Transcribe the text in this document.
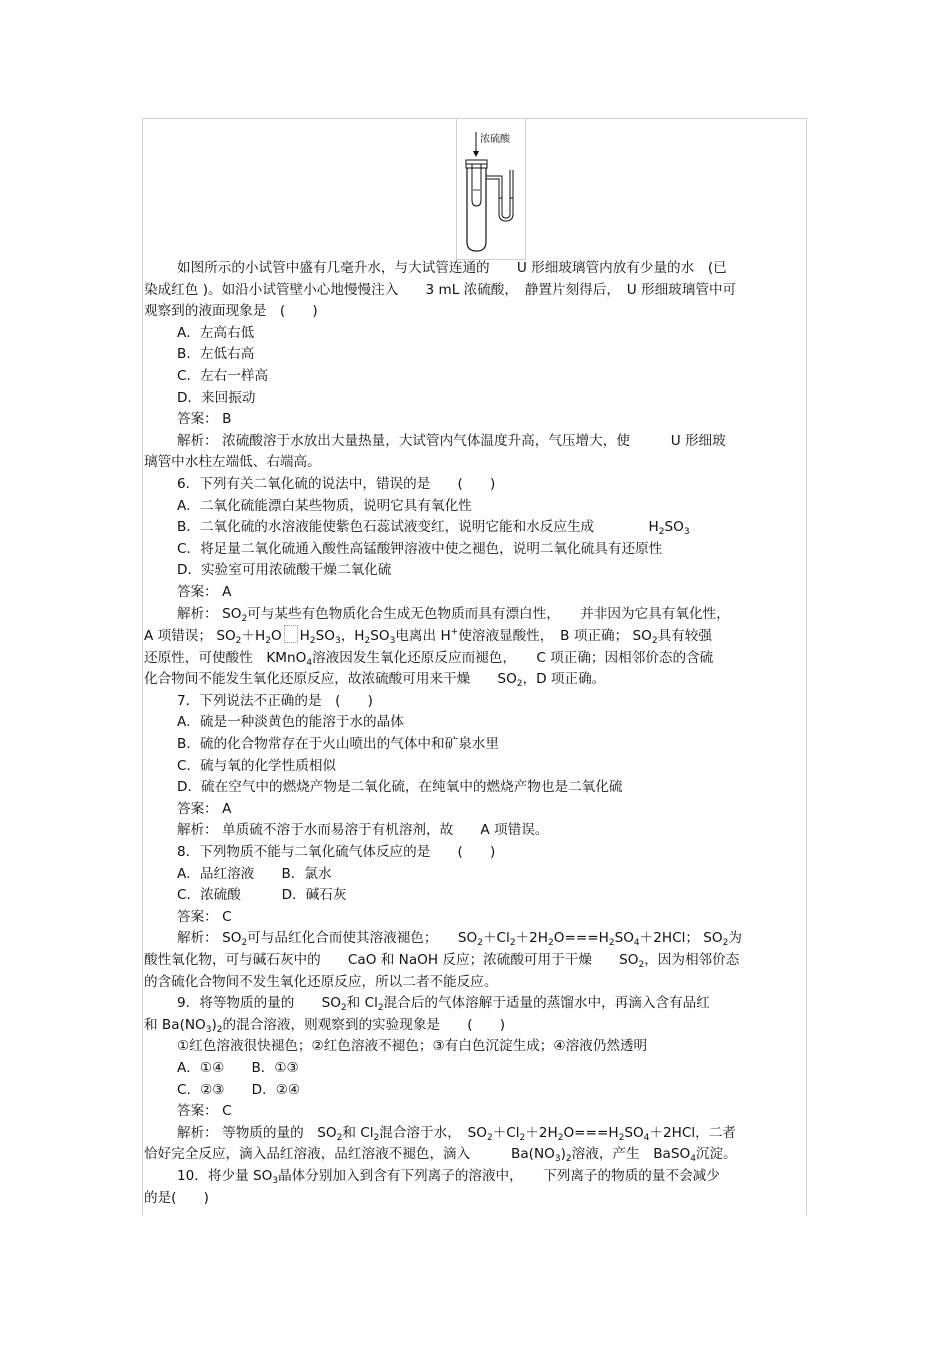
浓硫酸

如图所示的小试管中盛有几毫升水，与大试管连通的　　U 形细玻璃管内放有少量的水　(已

染成红色 )。如沿小试管壁小心地慢慢注入　　3 mL 浓硫酸，　静置片刻得后，　U 形细玻璃管中可

观察到的液面现象是　(　　)

A．左高右低

B．左低右高

C．左右一样高

D．来回振动

答案： B

解析： 浓硫酸溶于水放出大量热量，大试管内气体温度升高，气压增大，使　　　U 形细玻

璃管中水柱左端低、右端高。

6．下列有关二氧化硫的说法中，错误的是　　(　　)

A．二氧化硫能漂白某些物质，说明它具有氧化性

B．二氧化硫的水溶液能使紫色石蕊试液变红，说明它能和水反应生成　　　　$H_2SO_3$

C．将足量二氧化硫通入酸性高锰酸钾溶液中使之褪色，说明二氧化硫具有还原性

D．实验室可用浓硫酸干燥二氧化硫

答案： A

解析： $SO_2$可与某些有色物质化合生成无色物质而具有漂白性，　　并非因为它具有氧化性，

A 项错误； $SO_2+H_2O$ $H_2SO_3$，$H_2SO_3$电离出 H+使溶液显酸性，　B 项正确； $SO_2$具有较强

还原性，可使酸性　KMnO$_4$溶液因发生氧化还原反应而褪色，　　C 项正确；因相邻价态的含硫

化合物间不能发生氧化还原反应，故浓硫酸可用来干燥　　$SO_2$，D 项正确。

7．下列说法不正确的是　(　　)

A．硫是一种淡黄色的能溶于水的晶体

B．硫的化合物常存在于火山喷出的气体中和矿泉水里

C．硫与氧的化学性质相似

D．硫在空气中的燃烧产物是二氧化硫，在纯氧中的燃烧产物也是二氧化硫

答案： A

解析： 单质硫不溶于水而易溶于有机溶剂，故　　A 项错误。

8．下列物质不能与二氧化硫气体反应的是　　(　　)

A．品红溶液　　B．氯水

C．浓硫酸　　　D．碱石灰

答案： C

解析： $SO_2$可与品红化合而使其溶液褪色；　　$SO_2+Cl_2+2H_2O===H_2SO_4+2HCl$； $SO_2$为

酸性氧化物，可与碱石灰中的　　CaO 和 NaOH 反应；浓硫酸可用于干燥　　$SO_2$，因为相邻价态

的含硫化合物间不发生氧化还原反应，所以二者不能反应。

9．将等物质的量的　　$SO_2$和 $Cl_2$混合后的气体溶解于适量的蒸馏水中，再滴入含有品红

和 $Ba(NO_3)_2$的混合溶液，则观察到的实验现象是　　(　　)

①红色溶液很快褪色；②红色溶液不褪色；③有白色沉淀生成；④溶液仍然透明

A．①④　　B．①③

C．②③　　D．②④

答案： C

解析： 等物质的量的　$SO_2$和 $Cl_2$混合溶于水，　$SO_2+Cl_2+2H_2O===H_2SO_4+2HCl$，二者

恰好完全反应，滴入品红溶液，品红溶液不褪色，滴入　　　$Ba(NO_3)_2$溶液，产生　BaSO$_4$沉淀。

10．将少量 $SO_3$晶体分别加入到含有下列离子的溶液中，　　下列离子的物质的量不会减少

的是(　　)
